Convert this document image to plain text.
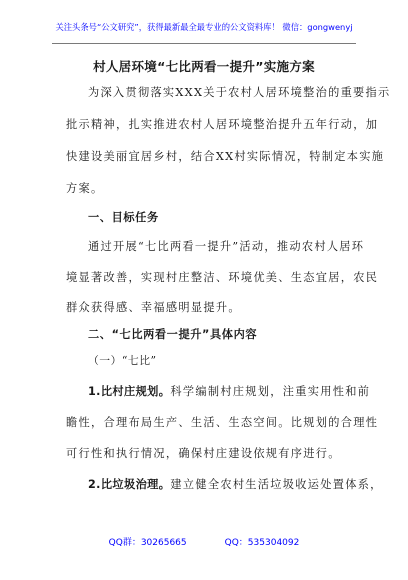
关注头条号“公文研究”，获得最新最全最专业的公文资料库！ 微信：gongwenyj
村人居环境“七比两看一提升”实施方案
为深入贯彻落实XXX关于农村人居环境整治的重要指示
批示精神，扎实推进农村人居环境整治提升五年行动，加
快建设美丽宜居乡村，结合XX村实际情况，特制定本实施
方案。
一、目标任务
通过开展“七比两看一提升”活动，推动农村人居环
境显著改善，实现村庄整洁、环境优美、生态宜居，农民
群众获得感、幸福感明显提升。
二、“七比两看一提升”具体内容
（一）“七比”
1.比村庄规划。科学编制村庄规划，注重实用性和前
瞻性，合理布局生产、生活、生态空间。比规划的合理性
可行性和执行情况，确保村庄建设依规有序进行。
2.比垃圾治理。建立健全农村生活垃圾收运处置体系，
QQ群：30265665	QQ：535304092
